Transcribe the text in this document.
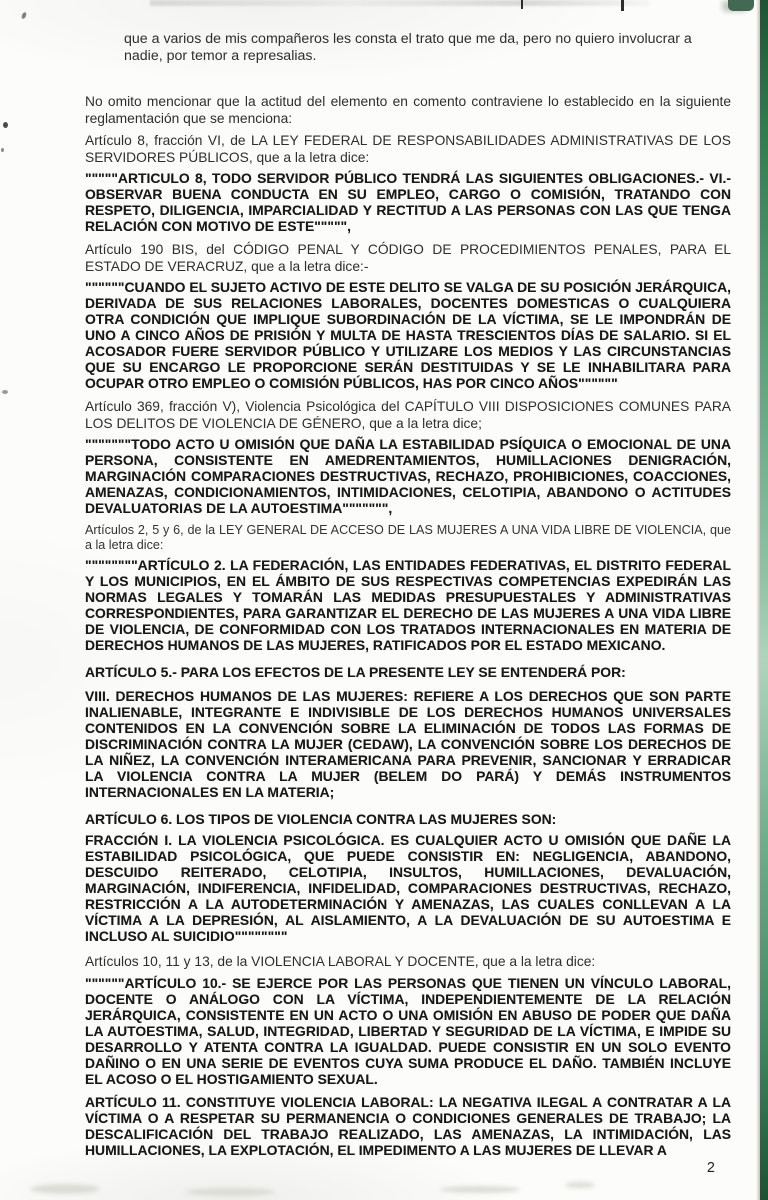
que a varios de mis compañeros les consta el trato que me da, pero no quiero involucrar a nadie, por temor a represalias.

No omito mencionar que la actitud del elemento en comento contraviene lo establecido en la siguiente reglamentación que se menciona:

Artículo 8, fracción VI, de LA LEY FEDERAL DE RESPONSABILIDADES ADMINISTRATIVAS DE LOS SERVIDORES PÚBLICOS, que a la letra dice:

"""""ARTICULO 8, TODO SERVIDOR PÚBLICO TENDRÁ LAS SIGUIENTES OBLIGACIONES.- VI.- OBSERVAR BUENA CONDUCTA EN SU EMPLEO, CARGO O COMISIÓN, TRATANDO CON RESPETO, DILIGENCIA, IMPARCIALIDAD Y RECTITUD A LAS PERSONAS CON LAS QUE TENGA RELACIÓN CON MOTIVO DE ESTE""""",

Artículo 190 BIS, del CÓDIGO PENAL Y CÓDIGO DE PROCEDIMIENTOS PENALES, PARA EL ESTADO DE VERACRUZ, que a la letra dice:-

""""""CUANDO EL SUJETO ACTIVO DE ESTE DELITO SE VALGA DE SU POSICIÓN JERÁRQUICA, DERIVADA DE SUS RELACIONES LABORALES, DOCENTES DOMESTICAS O CUALQUIERA OTRA CONDICIÓN QUE IMPLIQUE SUBORDINACIÓN DE LA VÍCTIMA, SE LE IMPONDRÁN DE UNO A CINCO AÑOS DE PRISIÓN Y MULTA DE HASTA TRESCIENTOS DÍAS DE SALARIO. SI EL ACOSADOR FUERE SERVIDOR PÚBLICO Y UTILIZARE LOS MEDIOS Y LAS CIRCUNSTANCIAS QUE SU ENCARGO LE PROPORCIONE SERÁN DESTITUIDAS Y SE LE INHABILITARA PARA OCUPAR OTRO EMPLEO O COMISIÓN PÚBLICOS, HAS POR CINCO AÑOS""""""

Artículo 369, fracción V), Violencia Psicológica del CAPÍTULO VIII DISPOSICIONES COMUNES PARA LOS DELITOS DE VIOLENCIA DE GÉNERO, que a la letra dice;

"""""""TODO ACTO U OMISIÓN QUE DAÑA LA ESTABILIDAD PSÍQUICA O EMOCIONAL DE UNA PERSONA, CONSISTENTE EN AMEDRENTAMIENTOS, HUMILLACIONES DENIGRACIÓN, MARGINACIÓN COMPARACIONES DESTRUCTIVAS, RECHAZO, PROHIBICIONES, COACCIONES, AMENAZAS, CONDICIONAMIENTOS, INTIMIDACIONES, CELOTIPIA, ABANDONO O ACTITUDES DEVALUATORIAS DE LA AUTOESTIMA""""""",

Artículos 2, 5 y 6, de la LEY GENERAL DE ACCESO DE LAS MUJERES A UNA VIDA LIBRE DE VIOLENCIA, que a la letra dice:

""""""""ARTÍCULO 2. LA FEDERACIÓN, LAS ENTIDADES FEDERATIVAS, EL DISTRITO FEDERAL Y LOS MUNICIPIOS, EN EL ÁMBITO DE SUS RESPECTIVAS COMPETENCIAS EXPEDIRÁN LAS NORMAS LEGALES Y TOMARÁN LAS MEDIDAS PRESUPUESTALES Y ADMINISTRATIVAS CORRESPONDIENTES, PARA GARANTIZAR EL DERECHO DE LAS MUJERES A UNA VIDA LIBRE DE VIOLENCIA, DE CONFORMIDAD CON LOS TRATADOS INTERNACIONALES EN MATERIA DE DERECHOS HUMANOS DE LAS MUJERES, RATIFICADOS POR EL ESTADO MEXICANO.

ARTÍCULO 5.- PARA LOS EFECTOS DE LA PRESENTE LEY SE ENTENDERÁ POR:

VIII. DERECHOS HUMANOS DE LAS MUJERES: REFIERE A LOS DERECHOS QUE SON PARTE INALIENABLE, INTEGRANTE E INDIVISIBLE DE LOS DERECHOS HUMANOS UNIVERSALES CONTENIDOS EN LA CONVENCIÓN SOBRE LA ELIMINACIÓN DE TODOS LAS FORMAS DE DISCRIMINACIÓN CONTRA LA MUJER (CEDAW), LA CONVENCIÓN SOBRE LOS DERECHOS DE LA NIÑEZ, LA CONVENCIÓN INTERAMERICANA PARA PREVENIR, SANCIONAR Y ERRADICAR LA VIOLENCIA CONTRA LA MUJER (BELEM DO PARÁ) Y DEMÁS INSTRUMENTOS INTERNACIONALES EN LA MATERIA;

ARTÍCULO 6. LOS TIPOS DE VIOLENCIA CONTRA LAS MUJERES SON:

FRACCIÓN I. LA VIOLENCIA PSICOLÓGICA. ES CUALQUIER ACTO U OMISIÓN QUE DAÑE LA ESTABILIDAD PSICOLÓGICA, QUE PUEDE CONSISTIR EN: NEGLIGENCIA, ABANDONO, DESCUIDO REITERADO, CELOTIPIA, INSULTOS, HUMILLACIONES, DEVALUACIÓN, MARGINACIÓN, INDIFERENCIA, INFIDELIDAD, COMPARACIONES DESTRUCTIVAS, RECHAZO, RESTRICCIÓN A LA AUTODETERMINACIÓN Y AMENAZAS, LAS CUALES CONLLEVAN A LA VÍCTIMA A LA DEPRESIÓN, AL AISLAMIENTO, A LA DEVALUACIÓN DE SU AUTOESTIMA E INCLUSO AL SUICIDIO""""""""

Artículos 10, 11 y 13, de la VIOLENCIA LABORAL Y DOCENTE, que a la letra dice:

""""""ARTÍCULO 10.- SE EJERCE POR LAS PERSONAS QUE TIENEN UN VÍNCULO LABORAL, DOCENTE O ANÁLOGO CON LA VÍCTIMA, INDEPENDIENTEMENTE DE LA RELACIÓN JERÁRQUICA, CONSISTENTE EN UN ACTO O UNA OMISIÓN EN ABUSO DE PODER QUE DAÑA LA AUTOESTIMA, SALUD, INTEGRIDAD, LIBERTAD Y SEGURIDAD DE LA VÍCTIMA, E IMPIDE SU DESARROLLO Y ATENTA CONTRA LA IGUALDAD. PUEDE CONSISTIR EN UN SOLO EVENTO DAÑINO O EN UNA SERIE DE EVENTOS CUYA SUMA PRODUCE EL DAÑO. TAMBIÉN INCLUYE EL ACOSO O EL HOSTIGAMIENTO SEXUAL.

ARTÍCULO 11. CONSTITUYE VIOLENCIA LABORAL: LA NEGATIVA ILEGAL A CONTRATAR A LA VÍCTIMA O A RESPETAR SU PERMANENCIA O CONDICIONES GENERALES DE TRABAJO; LA DESCALIFICACIÓN DEL TRABAJO REALIZADO, LAS AMENAZAS, LA INTIMIDACIÓN, LAS HUMILLACIONES, LA EXPLOTACIÓN, EL IMPEDIMENTO A LAS MUJERES DE LLEVAR A

2
